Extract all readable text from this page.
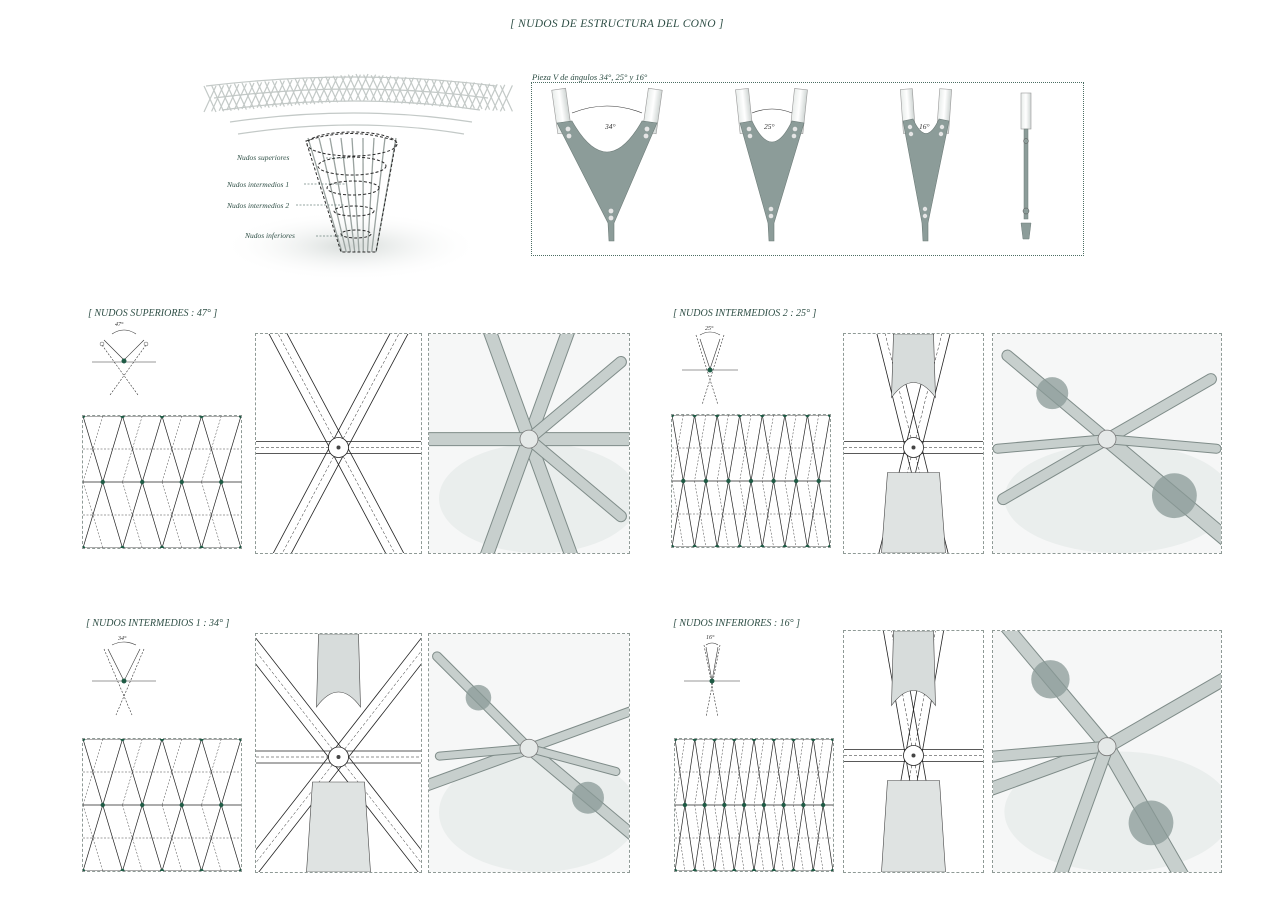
[ NUDOS DE ESTRUCTURA DEL CONO ]
Nudos superiores
Nudos intermedios 1
Nudos intermedios 2
Nudos inferiores
Pieza V de ángulos 34°, 25° y 16°
34°	25°	16°
[ NUDOS SUPERIORES : 47° ]	[ NUDOS INTERMEDIOS 2 : 25° ]
[ NUDOS INTERMEDIOS 1 : 34° ]	[ NUDOS INFERIORES : 16° ]
47°
25°
34°	16°
